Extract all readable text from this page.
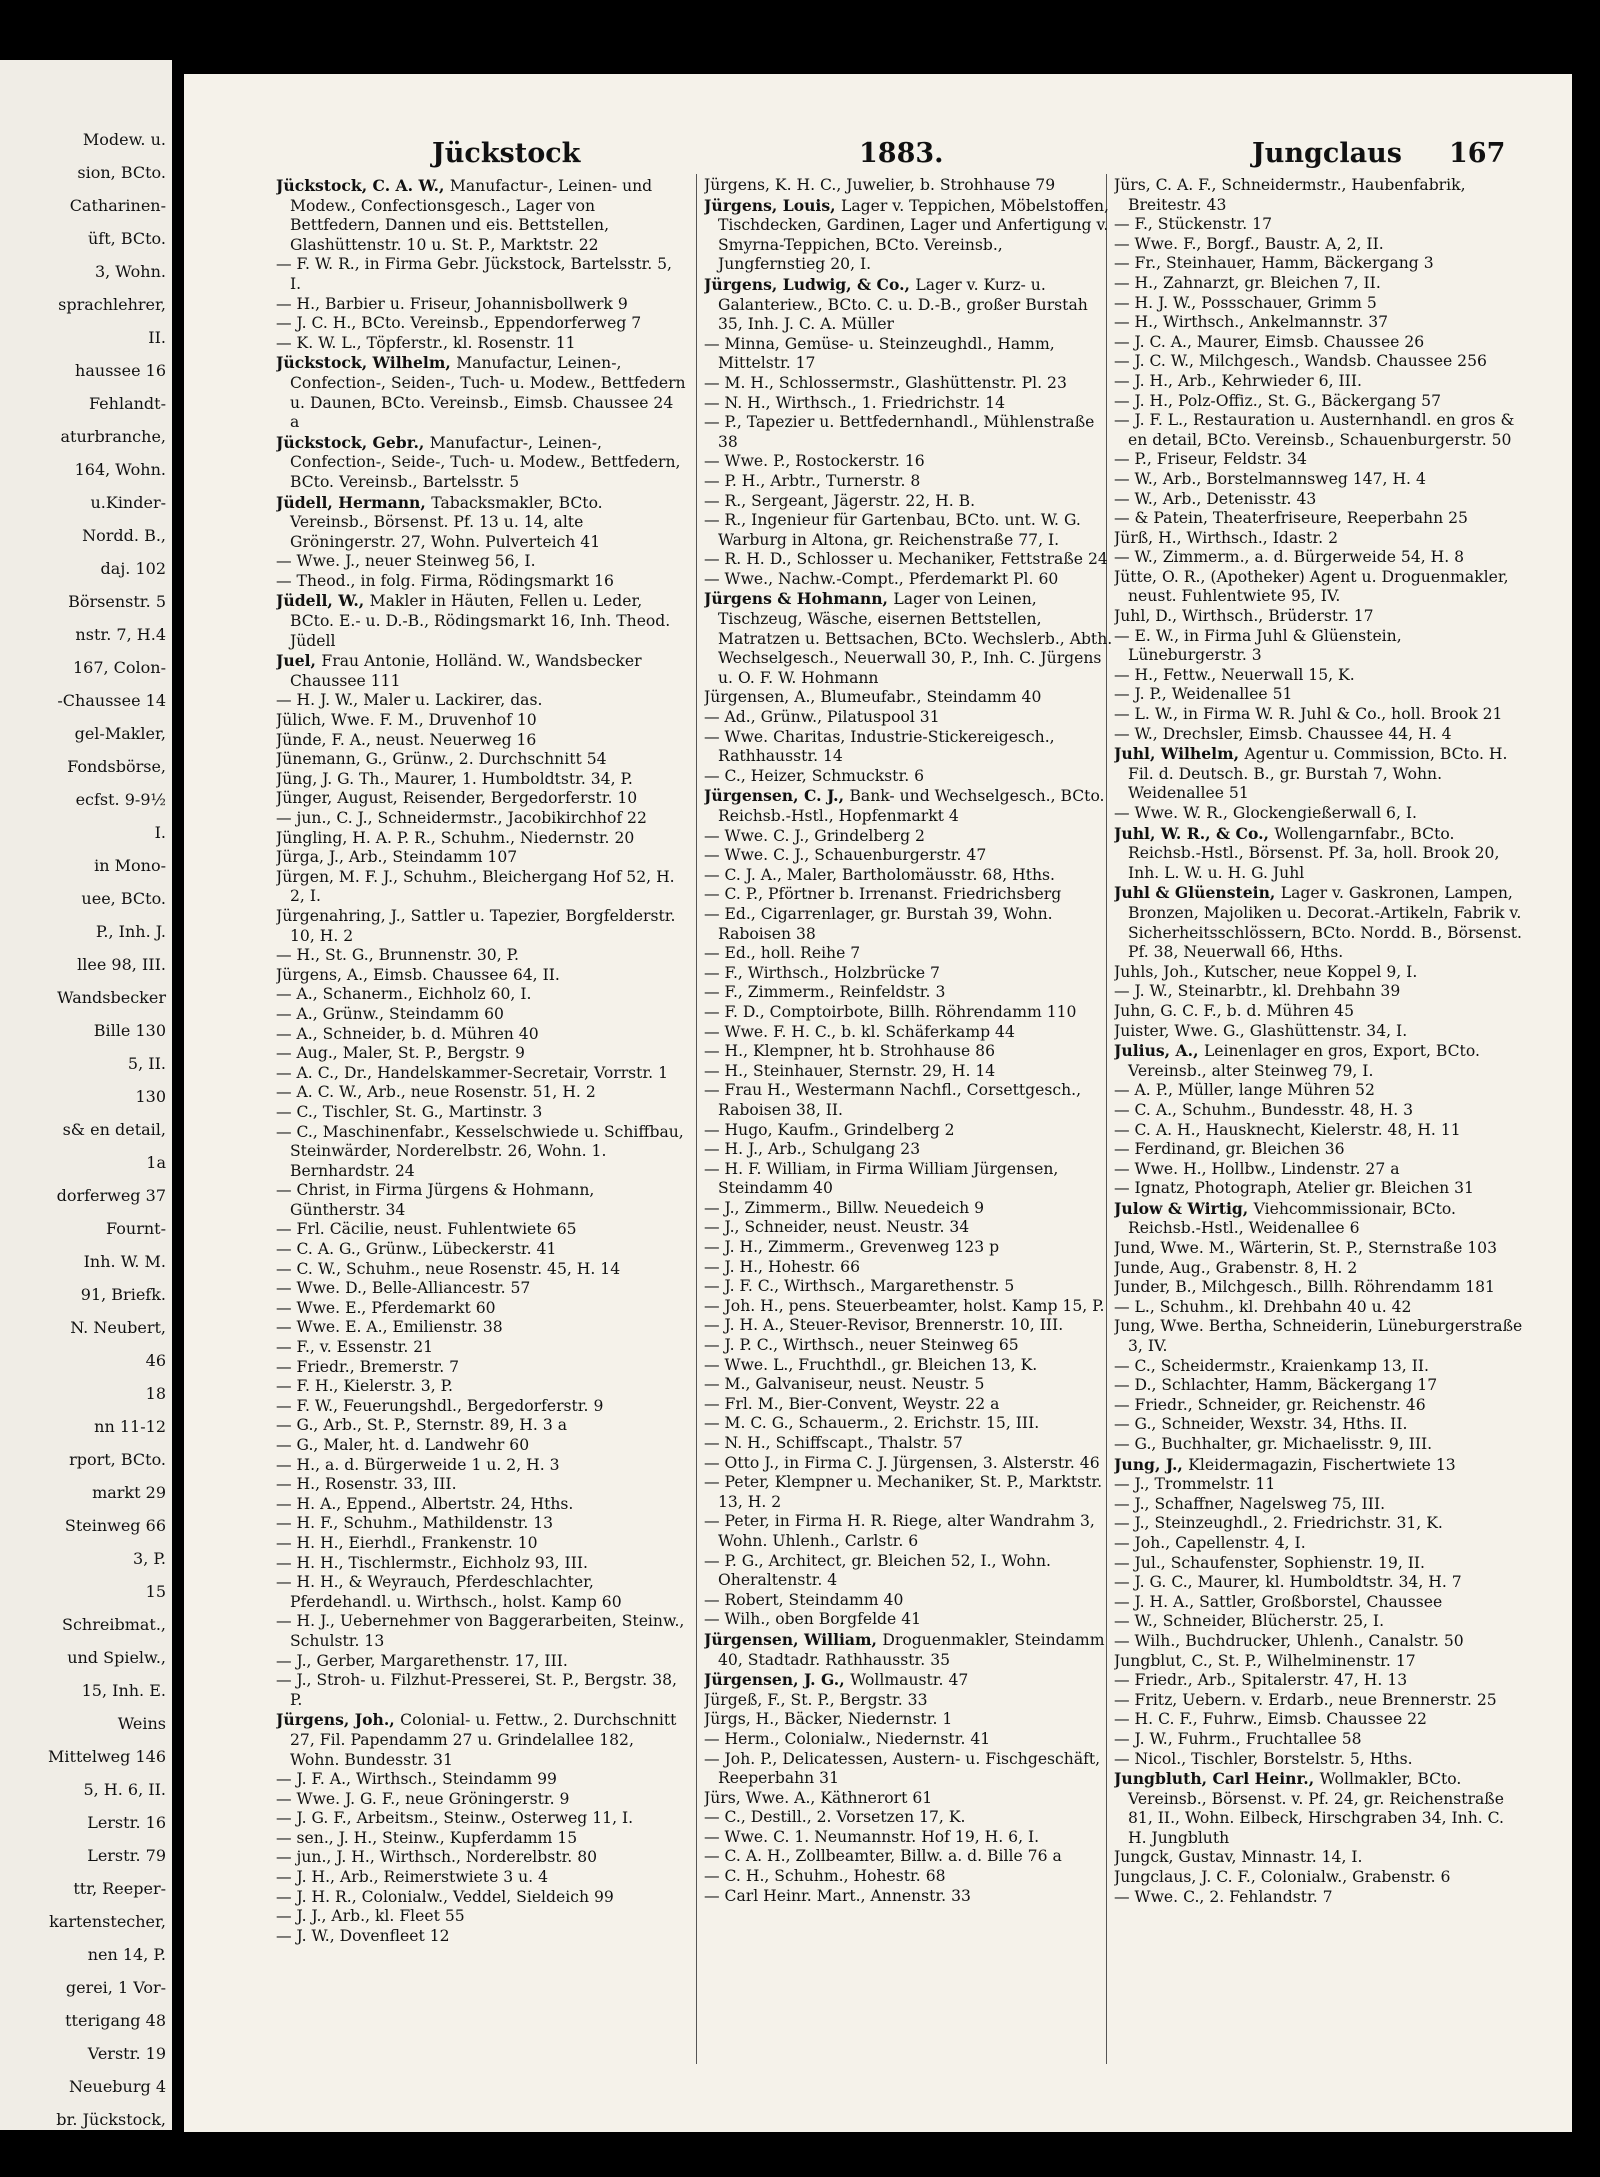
Modew. u.
sion, BCto.
Catharinen-
üft, BCto.
3, Wohn.
sprachlehrer,
II.
haussee 16
Fehlandt-
aturbranche,
164, Wohn.
u.Kinder-
Nordd. B.,
daj. 102
Börsenstr. 5
nstr. 7, H.4
167, Colon-
-Chaussee 14
gel-Makler,
Fondsbörse,
ecfst. 9-9½
I.
in Mono-
uee, BCto.
P., Inh. J.
llee 98, III.
Wandsbecker
Bille 130
5, II.
130
s& en detail,
1a
dorferweg 37
Fournt-
Inh. W. M.
91, Briefk.
N. Neubert,
46
18
nn 11-12
rport, BCto.
markt 29
Steinweg 66
3, P.
15
Schreibmat.,
und Spielw.,
15, Inh. E.
Weins
Mittelweg 146
5, H. 6, II.
Lerstr. 16
Lerstr. 79
ttr, Reeper-
kartenstecher,
nen 14, P.
gerei, 1 Vor-
tterigang 48
Verstr. 19
Neueburg 4
br. Jückstock,
Jückstock	1883.	Jungclaus 167

Jückstock, C. A. W., Manufactur-, Leinen- und Modew., Confectionsgesch., Lager von Bettfedern, Dannen und eis. Bettstellen, Glashüttenstr. 10 u. St. P., Marktstr. 22

— F. W. R., in Firma Gebr. Jückstock, Bartelsstr. 5, I.

— H., Barbier u. Friseur, Johannisbollwerk 9

— J. C. H., BCto. Vereinsb., Eppendorferweg 7

— K. W. L., Töpferstr., kl. Rosenstr. 11

Jückstock, Wilhelm, Manufactur, Leinen-, Confection-, Seiden-, Tuch- u. Modew., Bettfedern u. Daunen, BCto. Vereinsb., Eimsb. Chaussee 24 a

Jückstock, Gebr., Manufactur-, Leinen-, Confection-, Seide-, Tuch- u. Modew., Bettfedern, BCto. Vereinsb., Bartelsstr. 5

Jüdell, Hermann, Tabacksmakler, BCto. Vereinsb., Börsenst. Pf. 13 u. 14, alte Gröningerstr. 27, Wohn. Pulverteich 41

— Wwe. J., neuer Steinweg 56, I.

— Theod., in folg. Firma, Rödingsmarkt 16

Jüdell, W., Makler in Häuten, Fellen u. Leder, BCto. E.- u. D.-B., Rödingsmarkt 16, Inh. Theod. Jüdell

Juel, Frau Antonie, Holländ. W., Wandsbecker Chaussee 111

— H. J. W., Maler u. Lackirer, das.

Jülich, Wwe. F. M., Druvenhof 10

Jünde, F. A., neust. Neuerweg 16

Jünemann, G., Grünw., 2. Durchschnitt 54

Jüng, J. G. Th., Maurer, 1. Humboldtstr. 34, P.

Jünger, August, Reisender, Bergedorferstr. 10

— jun., C. J., Schneidermstr., Jacobikirchhof 22

Jüngling, H. A. P. R., Schuhm., Niedernstr. 20

Jürga, J., Arb., Steindamm 107

Jürgen, M. F. J., Schuhm., Bleichergang Hof 52, H. 2, I.

Jürgenahring, J., Sattler u. Tapezier, Borgfelderstr. 10, H. 2

— H., St. G., Brunnenstr. 30, P.

Jürgens, A., Eimsb. Chaussee 64, II.

— A., Schanerm., Eichholz 60, I.

— A., Grünw., Steindamm 60

— A., Schneider, b. d. Mühren 40

— Aug., Maler, St. P., Bergstr. 9

— A. C., Dr., Handelskammer-Secretair, Vorrstr. 1

— A. C. W., Arb., neue Rosenstr. 51, H. 2

— C., Tischler, St. G., Martinstr. 3

— C., Maschinenfabr., Kesselschwiede u. Schiffbau, Steinwärder, Norderelbstr. 26, Wohn. 1. Bernhardstr. 24

— Christ, in Firma Jürgens & Hohmann, Güntherstr. 34

— Frl. Cäcilie, neust. Fuhlentwiete 65

— C. A. G., Grünw., Lübeckerstr. 41

— C. W., Schuhm., neue Rosenstr. 45, H. 14

— Wwe. D., Belle-Alliancestr. 57

— Wwe. E., Pferdemarkt 60

— Wwe. E. A., Emilienstr. 38

— F., v. Essenstr. 21

— Friedr., Bremerstr. 7

— F. H., Kielerstr. 3, P.

— F. W., Feuerungshdl., Bergedorferstr. 9

— G., Arb., St. P., Sternstr. 89, H. 3 a

— G., Maler, ht. d. Landwehr 60

— H., a. d. Bürgerweide 1 u. 2, H. 3

— H., Rosenstr. 33, III.

— H. A., Eppend., Albertstr. 24, Hths.

— H. F., Schuhm., Mathildenstr. 13

— H. H., Eierhdl., Frankenstr. 10

— H. H., Tischlermstr., Eichholz 93, III.

— H. H., & Weyrauch, Pferdeschlachter, Pferdehandl. u. Wirthsch., holst. Kamp 60

— H. J., Uebernehmer von Baggerarbeiten, Steinw., Schulstr. 13

— J., Gerber, Margarethenstr. 17, III.

— J., Stroh- u. Filzhut-Presserei, St. P., Bergstr. 38, P.

Jürgens, Joh., Colonial- u. Fettw., 2. Durchschnitt 27, Fil. Papendamm 27 u. Grindelallee 182, Wohn. Bundesstr. 31

— J. F. A., Wirthsch., Steindamm 99

— Wwe. J. G. F., neue Gröningerstr. 9

— J. G. F., Arbeitsm., Steinw., Osterweg 11, I.

— sen., J. H., Steinw., Kupferdamm 15

— jun., J. H., Wirthsch., Norderelbstr. 80

— J. H., Arb., Reimerstwiete 3 u. 4

— J. H. R., Colonialw., Veddel, Sieldeich 99

— J. J., Arb., kl. Fleet 55

— J. W., Dovenfleet 12

Jürgens, K. H. C., Juwelier, b. Strohhause 79

Jürgens, Louis, Lager v. Teppichen, Möbelstoffen, Tischdecken, Gardinen, Lager und Anfertigung v. Smyrna-Teppichen, BCto. Vereinsb., Jungfernstieg 20, I.

Jürgens, Ludwig, & Co., Lager v. Kurz- u. Galanteriew., BCto. C. u. D.-B., großer Burstah 35, Inh. J. C. A. Müller

— Minna, Gemüse- u. Steinzeughdl., Hamm, Mittelstr. 17

— M. H., Schlossermstr., Glashüttenstr. Pl. 23

— N. H., Wirthsch., 1. Friedrichstr. 14

— P., Tapezier u. Bettfedernhandl., Mühlenstraße 38

— Wwe. P., Rostockerstr. 16

— P. H., Arbtr., Turnerstr. 8

— R., Sergeant, Jägerstr. 22, H. B.

— R., Ingenieur für Gartenbau, BCto. unt. W. G. Warburg in Altona, gr. Reichenstraße 77, I.

— R. H. D., Schlosser u. Mechaniker, Fettstraße 24

— Wwe., Nachw.-Compt., Pferdemarkt Pl. 60

Jürgens & Hohmann, Lager von Leinen, Tischzeug, Wäsche, eisernen Bettstellen, Matratzen u. Bettsachen, BCto. Wechslerb., Abth. Wechselgesch., Neuerwall 30, P., Inh. C. Jürgens u. O. F. W. Hohmann

Jürgensen, A., Blumeufabr., Steindamm 40

— Ad., Grünw., Pilatuspool 31

— Wwe. Charitas, Industrie-Stickereigesch., Rathhausstr. 14

— C., Heizer, Schmuckstr. 6

Jürgensen, C. J., Bank- und Wechselgesch., BCto. Reichsb.-Hstl., Hopfenmarkt 4

— Wwe. C. J., Grindelberg 2

— Wwe. C. J., Schauenburgerstr. 47

— C. J. A., Maler, Bartholomäusstr. 68, Hths.

— C. P., Pförtner b. Irrenanst. Friedrichsberg

— Ed., Cigarrenlager, gr. Burstah 39, Wohn. Raboisen 38

— Ed., holl. Reihe 7

— F., Wirthsch., Holzbrücke 7

— F., Zimmerm., Reinfeldstr. 3

— F. D., Comptoirbote, Billh. Röhrendamm 110

— Wwe. F. H. C., b. kl. Schäferkamp 44

— H., Klempner, ht b. Strohhause 86

— H., Steinhauer, Sternstr. 29, H. 14

— Frau H., Westermann Nachfl., Corsettgesch., Raboisen 38, II.

— Hugo, Kaufm., Grindelberg 2

— H. J., Arb., Schulgang 23

— H. F. William, in Firma William Jürgensen, Steindamm 40

— J., Zimmerm., Billw. Neuedeich 9

— J., Schneider, neust. Neustr. 34

— J. H., Zimmerm., Grevenweg 123 p

— J. H., Hohestr. 66

— J. F. C., Wirthsch., Margarethenstr. 5

— Joh. H., pens. Steuerbeamter, holst. Kamp 15, P.

— J. H. A., Steuer-Revisor, Brennerstr. 10, III.

— J. P. C., Wirthsch., neuer Steinweg 65

— Wwe. L., Fruchthdl., gr. Bleichen 13, K.

— M., Galvaniseur, neust. Neustr. 5

— Frl. M., Bier-Convent, Weystr. 22 a

— M. C. G., Schauerm., 2. Erichstr. 15, III.

— N. H., Schiffscapt., Thalstr. 57

— Otto J., in Firma C. J. Jürgensen, 3. Alsterstr. 46

— Peter, Klempner u. Mechaniker, St. P., Marktstr. 13, H. 2

— Peter, in Firma H. R. Riege, alter Wandrahm 3, Wohn. Uhlenh., Carlstr. 6

— P. G., Architect, gr. Bleichen 52, I., Wohn. Oheraltenstr. 4

— Robert, Steindamm 40

— Wilh., oben Borgfelde 41

Jürgensen, William, Droguenmakler, Steindamm 40, Stadtadr. Rathhausstr. 35

Jürgensen, J. G., Wollmaustr. 47

Jürgeß, F., St. P., Bergstr. 33

Jürgs, H., Bäcker, Niedernstr. 1

— Herm., Colonialw., Niedernstr. 41

— Joh. P., Delicatessen, Austern- u. Fischgeschäft, Reeperbahn 31

Jürs, Wwe. A., Käthnerort 61

— C., Destill., 2. Vorsetzen 17, K.

— Wwe. C. 1. Neumannstr. Hof 19, H. 6, I.

— C. A. H., Zollbeamter, Billw. a. d. Bille 76 a

— C. H., Schuhm., Hohestr. 68

— Carl Heinr. Mart., Annenstr. 33

Jürs, C. A. F., Schneidermstr., Haubenfabrik, Breitestr. 43

— F., Stückenstr. 17

— Wwe. F., Borgf., Baustr. A, 2, II.

— Fr., Steinhauer, Hamm, Bäckergang 3

— H., Zahnarzt, gr. Bleichen 7, II.

— H. J. W., Possschauer, Grimm 5

— H., Wirthsch., Ankelmannstr. 37

— J. C. A., Maurer, Eimsb. Chaussee 26

— J. C. W., Milchgesch., Wandsb. Chaussee 256

— J. H., Arb., Kehrwieder 6, III.

— J. H., Polz-Offiz., St. G., Bäckergang 57

— J. F. L., Restauration u. Austernhandl. en gros & en detail, BCto. Vereinsb., Schauenburgerstr. 50

— P., Friseur, Feldstr. 34

— W., Arb., Borstelmannsweg 147, H. 4

— W., Arb., Detenisstr. 43

— & Patein, Theaterfriseure, Reeperbahn 25

Jürß, H., Wirthsch., Idastr. 2

— W., Zimmerm., a. d. Bürgerweide 54, H. 8

Jütte, O. R., (Apotheker) Agent u. Droguenmakler, neust. Fuhlentwiete 95, IV.

Juhl, D., Wirthsch., Brüderstr. 17

— E. W., in Firma Juhl & Glüenstein, Lüneburgerstr. 3

— H., Fettw., Neuerwall 15, K.

— J. P., Weidenallee 51

— L. W., in Firma W. R. Juhl & Co., holl. Brook 21

— W., Drechsler, Eimsb. Chaussee 44, H. 4

Juhl, Wilhelm, Agentur u. Commission, BCto. H. Fil. d. Deutsch. B., gr. Burstah 7, Wohn. Weidenallee 51

— Wwe. W. R., Glockengießerwall 6, I.

Juhl, W. R., & Co., Wollengarnfabr., BCto. Reichsb.-Hstl., Börsenst. Pf. 3a, holl. Brook 20, Inh. L. W. u. H. G. Juhl

Juhl & Glüenstein, Lager v. Gaskronen, Lampen, Bronzen, Majoliken u. Decorat.-Artikeln, Fabrik v. Sicherheitsschlössern, BCto. Nordd. B., Börsenst. Pf. 38, Neuerwall 66, Hths.

Juhls, Joh., Kutscher, neue Koppel 9, I.

— J. W., Steinarbtr., kl. Drehbahn 39

Juhn, G. C. F., b. d. Mühren 45

Juister, Wwe. G., Glashüttenstr. 34, I.

Julius, A., Leinenlager en gros, Export, BCto. Vereinsb., alter Steinweg 79, I.

— A. P., Müller, lange Mühren 52

— C. A., Schuhm., Bundesstr. 48, H. 3

— C. A. H., Hausknecht, Kielerstr. 48, H. 11

— Ferdinand, gr. Bleichen 36

— Wwe. H., Hollbw., Lindenstr. 27 a

— Ignatz, Photograph, Atelier gr. Bleichen 31

Julow & Wirtig, Viehcommissionair, BCto. Reichsb.-Hstl., Weidenallee 6

Jund, Wwe. M., Wärterin, St. P., Sternstraße 103

Junde, Aug., Grabenstr. 8, H. 2

Junder, B., Milchgesch., Billh. Röhrendamm 181

— L., Schuhm., kl. Drehbahn 40 u. 42

Jung, Wwe. Bertha, Schneiderin, Lüneburgerstraße 3, IV.

— C., Scheidermstr., Kraienkamp 13, II.

— D., Schlachter, Hamm, Bäckergang 17

— Friedr., Schneider, gr. Reichenstr. 46

— G., Schneider, Wexstr. 34, Hths. II.

— G., Buchhalter, gr. Michaelisstr. 9, III.

Jung, J., Kleidermagazin, Fischertwiete 13

— J., Trommelstr. 11

— J., Schaffner, Nagelsweg 75, III.

— J., Steinzeughdl., 2. Friedrichstr. 31, K.

— Joh., Capellenstr. 4, I.

— Jul., Schaufenster, Sophienstr. 19, II.

— J. G. C., Maurer, kl. Humboldtstr. 34, H. 7

— J. H. A., Sattler, Großborstel, Chaussee

— W., Schneider, Blücherstr. 25, I.

— Wilh., Buchdrucker, Uhlenh., Canalstr. 50

Jungblut, C., St. P., Wilhelminenstr. 17

— Friedr., Arb., Spitalerstr. 47, H. 13

— Fritz, Uebern. v. Erdarb., neue Brennerstr. 25

— H. C. F., Fuhrw., Eimsb. Chaussee 22

— J. W., Fuhrm., Fruchtallee 58

— Nicol., Tischler, Borstelstr. 5, Hths.

Jungbluth, Carl Heinr., Wollmakler, BCto. Vereinsb., Börsenst. v. Pf. 24, gr. Reichenstraße 81, II., Wohn. Eilbeck, Hirschgraben 34, Inh. C. H. Jungbluth

Jungck, Gustav, Minnastr. 14, I.

Jungclaus, J. C. F., Colonialw., Grabenstr. 6

— Wwe. C., 2. Fehlandstr. 7
